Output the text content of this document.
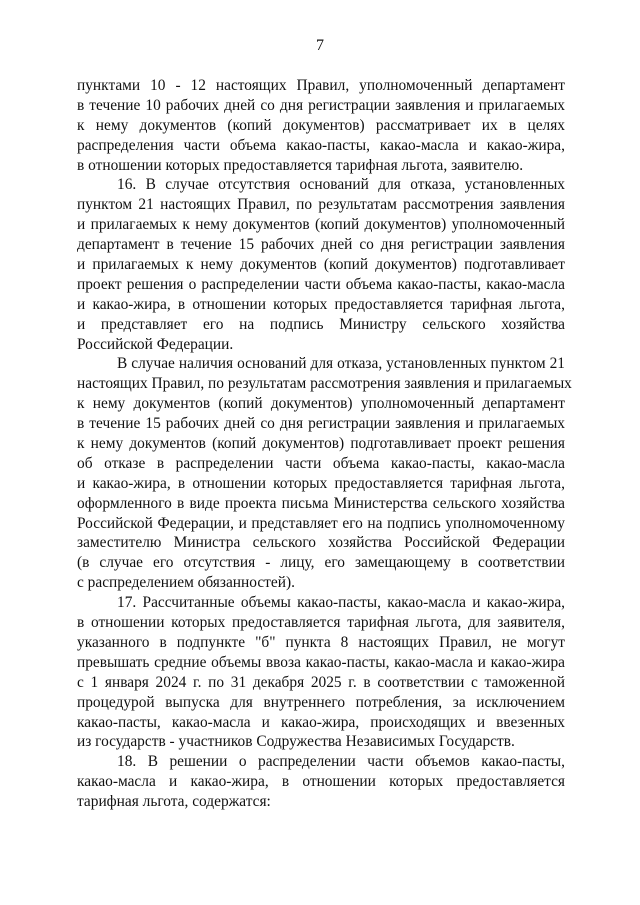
7
пунктами 10 - 12 настоящих Правил, уполномоченный департамент
в течение 10 рабочих дней со дня регистрации заявления и прилагаемых
к нему документов (копий документов) рассматривает их в целях
распределения части объема какао-пасты, какао-масла и какао-жира,
в отношении которых предоставляется тарифная льгота, заявителю.
16. В случае отсутствия оснований для отказа, установленных
пунктом 21 настоящих Правил, по результатам рассмотрения заявления
и прилагаемых к нему документов (копий документов) уполномоченный
департамент в течение 15 рабочих дней со дня регистрации заявления
и прилагаемых к нему документов (копий документов) подготавливает
проект решения о распределении части объема какао-пасты, какао-масла
и какао-жира, в отношении которых предоставляется тарифная льгота,
и представляет его на подпись Министру сельского хозяйства
Российской Федерации.
В случае наличия оснований для отказа, установленных пунктом 21
настоящих Правил, по результатам рассмотрения заявления и прилагаемых
к нему документов (копий документов) уполномоченный департамент
в течение 15 рабочих дней со дня регистрации заявления и прилагаемых
к нему документов (копий документов) подготавливает проект решения
об отказе в распределении части объема какао-пасты, какао-масла
и какао-жира, в отношении которых предоставляется тарифная льгота,
оформленного в виде проекта письма Министерства сельского хозяйства
Российской Федерации, и представляет его на подпись уполномоченному
заместителю Министра сельского хозяйства Российской Федерации
(в случае его отсутствия - лицу, его замещающему в соответствии
с распределением обязанностей).
17. Рассчитанные объемы какао-пасты, какао-масла и какао-жира,
в отношении которых предоставляется тарифная льгота, для заявителя,
указанного в подпункте "б" пункта 8 настоящих Правил, не могут
превышать средние объемы ввоза какао-пасты, какао-масла и какао-жира
с 1 января 2024 г. по 31 декабря 2025 г. в соответствии с таможенной
процедурой выпуска для внутреннего потребления, за исключением
какао-пасты, какао-масла и какао-жира, происходящих и ввезенных
из государств - участников Содружества Независимых Государств.
18. В решении о распределении части объемов какао-пасты,
какао-масла и какао-жира, в отношении которых предоставляется
тарифная льгота, содержатся:
